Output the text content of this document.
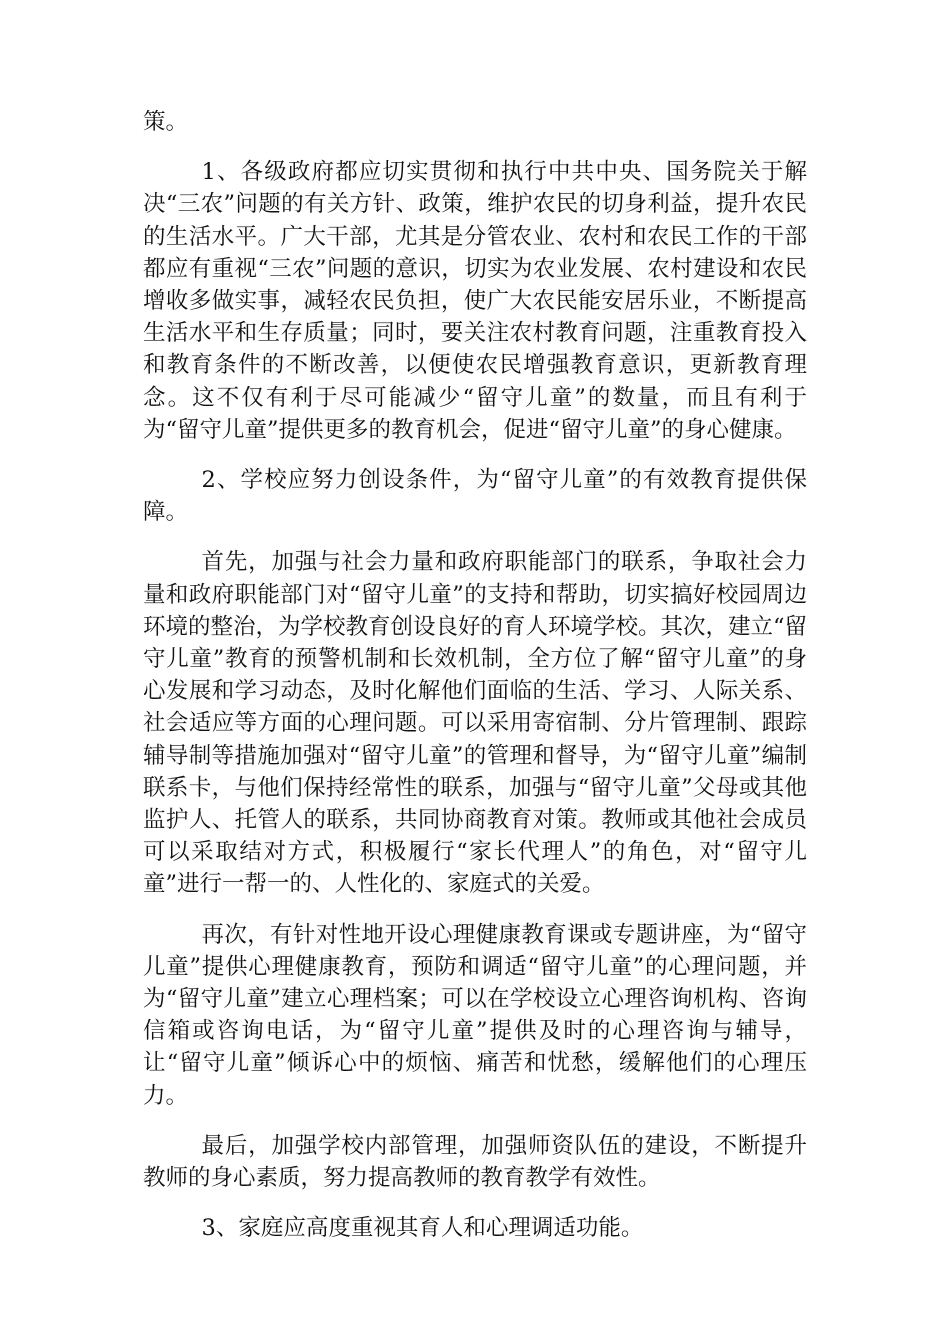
策。

1、各级政府都应切实贯彻和执行中共中央、国务院关于解决“三农”问题的有关方针、政策，维护农民的切身利益，提升农民的生活水平。广大干部，尤其是分管农业、农村和农民工作的干部都应有重视“三农”问题的意识，切实为农业发展、农村建设和农民增收多做实事，减轻农民负担，使广大农民能安居乐业，不断提高生活水平和生存质量；同时，要关注农村教育问题，注重教育投入和教育条件的不断改善，以便使农民增强教育意识，更新教育理念。这不仅有利于尽可能减少“留守儿童”的数量，而且有利于为“留守儿童”提供更多的教育机会，促进“留守儿童”的身心健康。

2、学校应努力创设条件，为“留守儿童”的有效教育提供保障。

首先，加强与社会力量和政府职能部门的联系，争取社会力量和政府职能部门对“留守儿童”的支持和帮助，切实搞好校园周边环境的整治，为学校教育创设良好的育人环境学校。其次，建立“留守儿童”教育的预警机制和长效机制，全方位了解“留守儿童”的身心发展和学习动态，及时化解他们面临的生活、学习、人际关系、社会适应等方面的心理问题。可以采用寄宿制、分片管理制、跟踪辅导制等措施加强对“留守儿童”的管理和督导，为“留守儿童”编制联系卡，与他们保持经常性的联系，加强与“留守儿童”父母或其他监护人、托管人的联系，共同协商教育对策。教师或其他社会成员可以采取结对方式，积极履行“家长代理人”的角色，对“留守儿童”进行一帮一的、人性化的、家庭式的关爱。

再次，有针对性地开设心理健康教育课或专题讲座，为“留守儿童”提供心理健康教育，预防和调适“留守儿童”的心理问题，并为“留守儿童”建立心理档案；可以在学校设立心理咨询机构、咨询信箱或咨询电话，为“留守儿童”提供及时的心理咨询与辅导，让“留守儿童”倾诉心中的烦恼、痛苦和忧愁，缓解他们的心理压力。

最后，加强学校内部管理，加强师资队伍的建设，不断提升教师的身心素质，努力提高教师的教育教学有效性。

3、家庭应高度重视其育人和心理调适功能。
